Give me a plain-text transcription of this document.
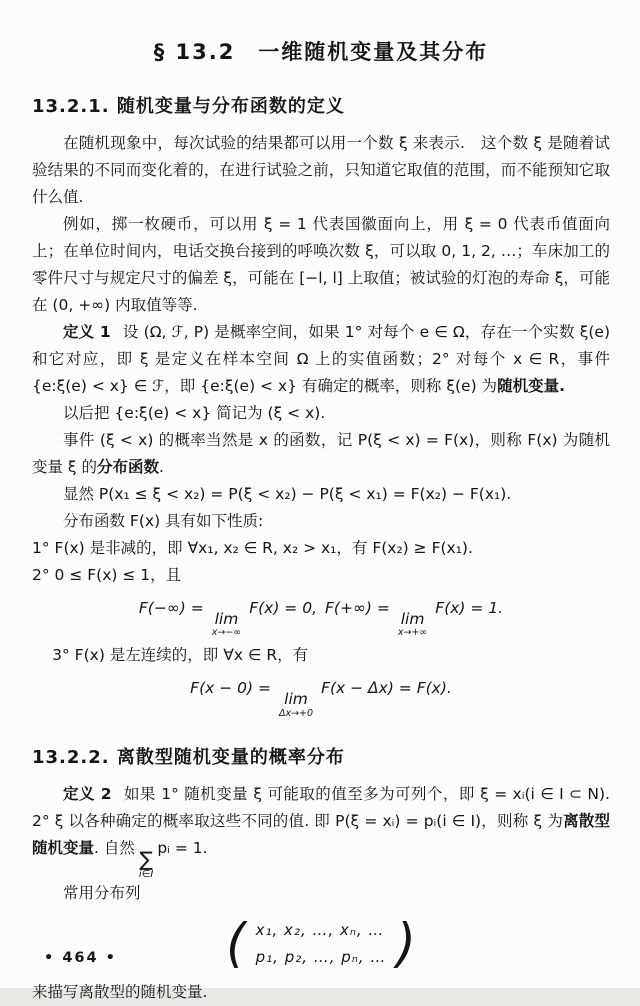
§ 13.2　一维随机变量及其分布
13.2.1. 随机变量与分布函数的定义

在随机现象中，每次试验的结果都可以用一个数 ξ 来表示.　这个数 ξ 是随着试验结果的不同而变化着的，在进行试验之前，只知道它取值的范围，而不能预知它取什么值.

例如，掷一枚硬币，可以用 ξ = 1 代表国徽面向上，用 ξ = 0 代表币值面向上；在单位时间内，电话交换台接到的呼唤次数 ξ，可以取 0, 1, 2, …；车床加工的零件尺寸与规定尺寸的偏差 ξ，可能在 [−l, l] 上取值；被试验的灯泡的寿命 ξ，可能在 (0, +∞) 内取值等等.

定义 1 设 (Ω, ℱ, P) 是概率空间，如果 1° 对每个 e ∈ Ω，存在一个实数 ξ(e) 和它对应，即 ξ 是定义在样本空间 Ω 上的实值函数；2° 对每个 x ∈ R，事件 {e:ξ(e) < x} ∈ ℱ，即 {e:ξ(e) < x} 有确定的概率，则称 ξ(e) 为随机变量.

以后把 {e:ξ(e) < x} 简记为 (ξ < x).

事件 (ξ < x) 的概率当然是 x 的函数，记 P(ξ < x) = F(x)，则称 F(x) 为随机变量 ξ 的分布函数.

显然 P(x₁ ≤ ξ < x₂) = P(ξ < x₂) − P(ξ < x₁) = F(x₂) − F(x₁).

分布函数 F(x) 具有如下性质:

1° F(x) 是非减的，即 ∀x₁, x₂ ∈ R, x₂ > x₁，有 F(x₂) ≥ F(x₁).

2° 0 ≤ F(x) ≤ 1，且

F(−∞) =
lim
x→−∞
F(x) = 0, F(+∞) =
lim
x→+∞
F(x) = 1.

3° F(x) 是左连续的，即 ∀x ∈ R，有

F(x − 0) =
lim
Δx→+0
F(x − Δx) = F(x).
13.2.2. 离散型随机变量的概率分布

定义 2 如果 1° 随机变量 ξ 可能取的值至多为可列个，即 ξ = xᵢ(i ∈ I ⊂ N). 2° ξ 以各种确定的概率取这些不同的值. 即 P(ξ = xᵢ) = pᵢ(i ∈ I)，则称 ξ 为离散型随机变量. 自然 ∑
i∈I
pᵢ = 1.

常用分布列

( x₁, x₂, …, xₙ, …
p₁, p₂, …, pₙ, … )

来描写离散型的随机变量.

• 464 •
